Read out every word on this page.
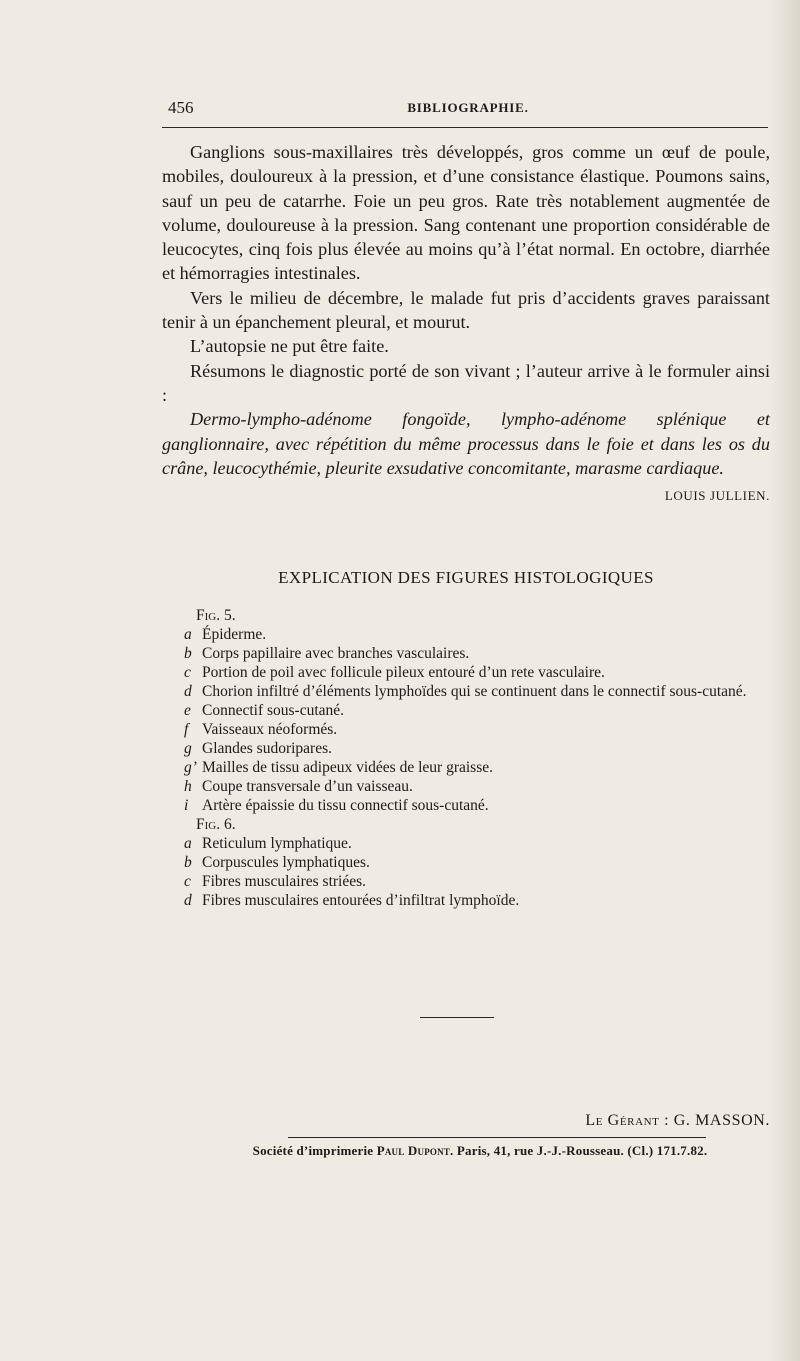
456	BIBLIOGRAPHIE.

Ganglions sous-maxillaires très développés, gros comme un œuf de poule, mobiles, douloureux à la pression, et d’une consistance élastique. Poumons sains, sauf un peu de catarrhe. Foie un peu gros. Rate très notablement augmentée de volume, douloureuse à la pression. Sang contenant une proportion considérable de leucocytes, cinq fois plus élevée au moins qu’à l’état normal. En octobre, diarrhée et hémorragies intestinales.

Vers le milieu de décembre, le malade fut pris d’accidents graves paraissant tenir à un épanchement pleural, et mourut.

L’autopsie ne put être faite.

Résumons le diagnostic porté de son vivant ; l’auteur arrive à le formuler ainsi :

Dermo-lympho-adénome fongoïde, lympho-adénome splénique et ganglionnaire, avec répétition du même processus dans le foie et dans les os du crâne, leucocythémie, pleurite exsudative concomitante, marasme cardiaque.
LOUIS JULLIEN.

EXPLICATION DES FIGURES HISTOLOGIQUES
Fig. 5.
a Épiderme.
b Corps papillaire avec branches vasculaires.
c Portion de poil avec follicule pileux entouré d’un rete vasculaire.
d Chorion infiltré d’éléments lymphoïdes qui se continuent dans le connectif sous-cutané.
e Connectif sous-cutané.
f Vaisseaux néoformés.
g Glandes sudoripares.
g’ Mailles de tissu adipeux vidées de leur graisse.
h Coupe transversale d’un vaisseau.
i Artère épaissie du tissu connectif sous-cutané.
Fig. 6.
a Reticulum lymphatique.
b Corpuscules lymphatiques.
c Fibres musculaires striées.
d Fibres musculaires entourées d’infiltrat lymphoïde.
Le Gérant : G. MASSON.
Société d’imprimerie Paul Dupont. Paris, 41, rue J.-J.-Rousseau. (Cl.) 171.7.82.
